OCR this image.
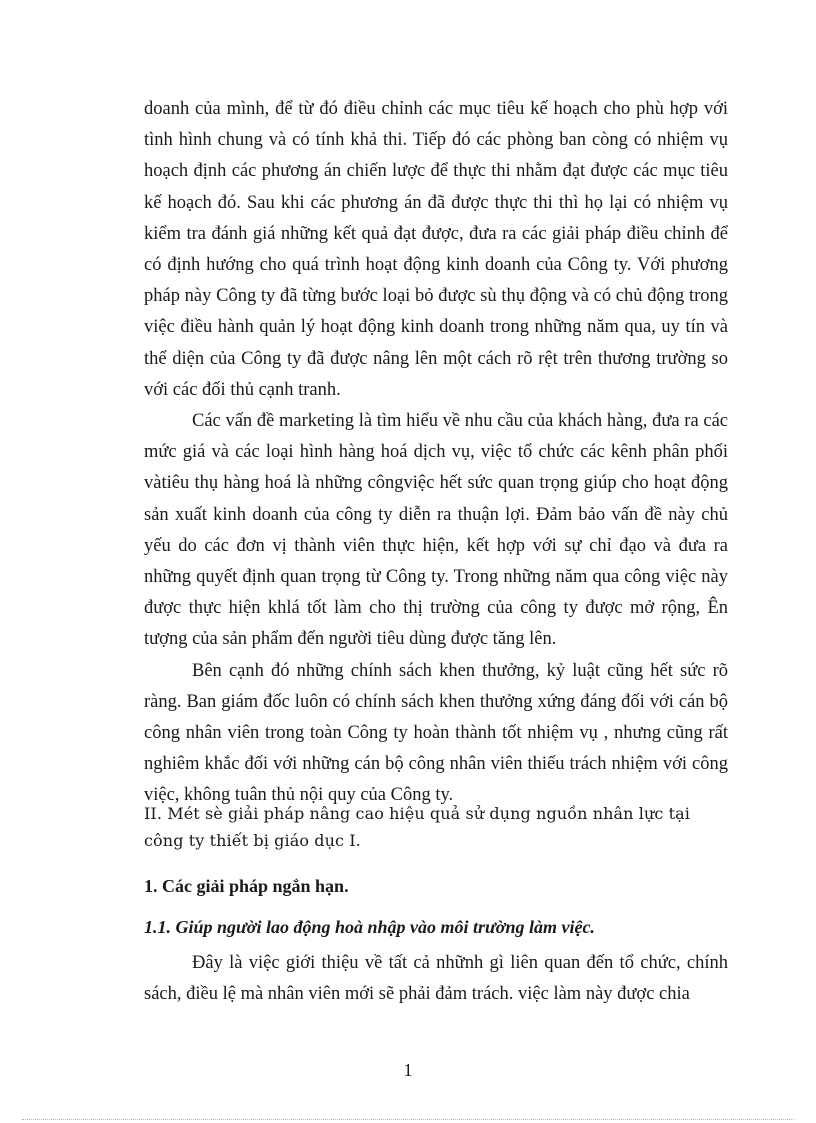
doanh của mình, để từ đó điều chỉnh các mục tiêu kế hoạch cho phù hợp với tình hình chung và có tính khả thi. Tiếp đó các phòng ban còng có nhiệm vụ hoạch định các phương án chiến lược để thực thi nhằm đạt được các mục tiêu kế hoạch đó. Sau khi các phương án đã được thực thi thì họ lại có nhiệm vụ kiểm tra đánh giá những kết quả đạt được, đưa ra các giải pháp điều chỉnh để có định hướng cho quá trình hoạt động kinh doanh của Công ty. Với phương pháp này Công ty đã từng bước loại bỏ được sù thụ động và có chủ động trong việc điều hành quản lý hoạt động kinh doanh trong những năm qua, uy tín và thể diện của Công ty đã được nâng lên một cách rõ rệt trên thương trường so với các đối thủ cạnh tranh.

Các vấn đề marketing là tìm hiểu về nhu cầu của khách hàng, đưa ra các mức giá và các loại hình hàng hoá dịch vụ, việc tổ chức các kênh phân phối vàtiêu thụ hàng hoá là những côngviệc hết sức quan trọng giúp cho hoạt động sản xuất kinh doanh của công ty diễn ra thuận lợi. Đảm bảo vấn đề này chủ yếu do các đơn vị thành viên thực hiện, kết hợp với sự chỉ đạo và đưa ra những quyết định quan trọng từ Công ty. Trong những năm qua công việc này được thực hiện khlá tốt làm cho thị trường của công ty được mở rộng, Ên tượng của sản phẩm đến người tiêu dùng được tăng lên.

Bên cạnh đó những chính sách khen thưởng, kỷ luật cũng hết sức rõ ràng. Ban giám đốc luôn có chính sách khen thưởng xứng đáng đối với cán bộ công nhân viên trong toàn Công ty hoàn thành tốt nhiệm vụ , nhưng cũng rất nghiêm khắc đối với những cán bộ công nhân viên thiếu trách nhiệm với công việc, không tuân thủ nội quy của Công ty.

II. Mét sè giải pháp nâng cao hiệu quả sử dụng nguồn nhân lực tại công ty thiết bị giáo dục I.
1. Các giải pháp ngắn hạn.
1.1. Giúp người lao động hoà nhập vào môi trường làm việc.

Đây là việc giới thiệu về tất cả nhữnh gì liên quan đến tổ chức, chính sách, điều lệ mà nhân viên mới sẽ phải đảm trách. việc làm này được chia

1
